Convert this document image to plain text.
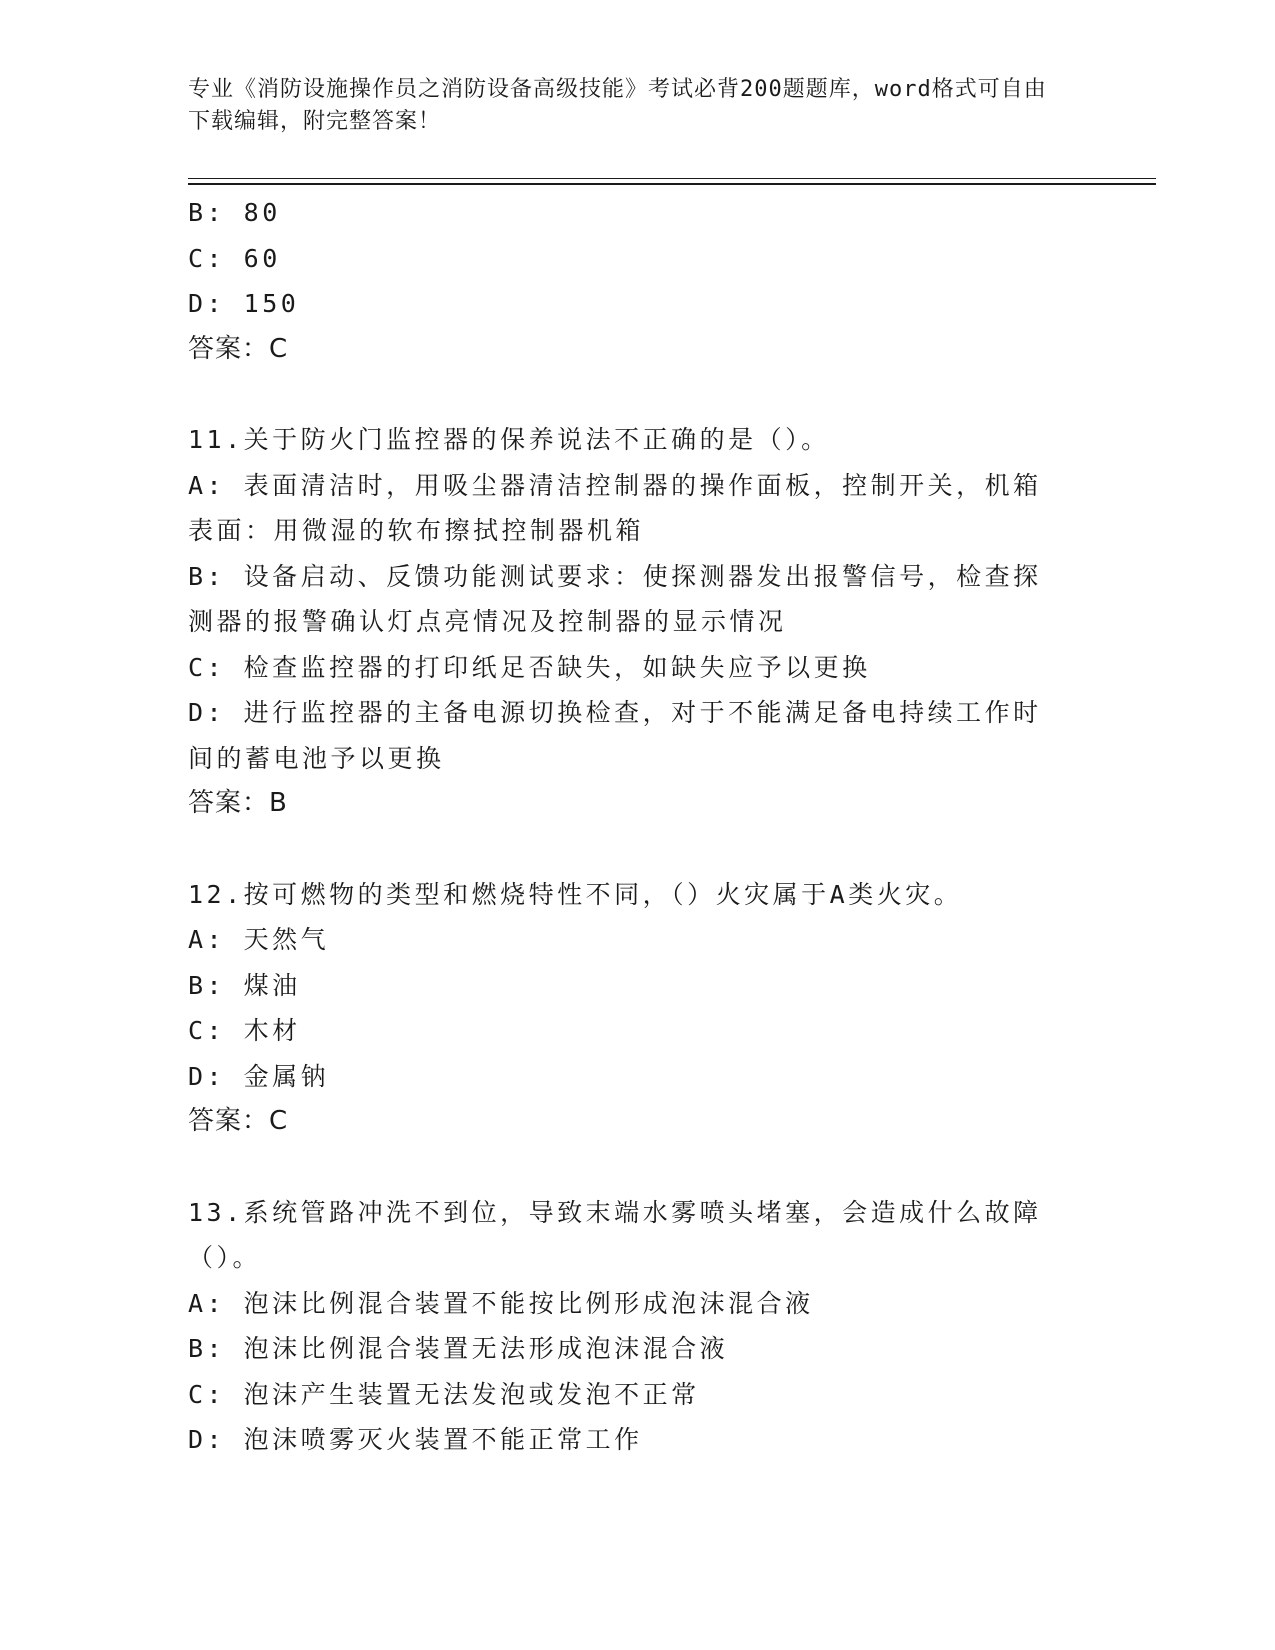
专业《消防设施操作员之消防设备高级技能》考试必背200题题库，word格式可自由下载编辑，附完整答案！
B: 80
C: 60
D: 150
答案：C
11.关于防火门监控器的保养说法不正确的是（）。
A: 表面清洁时，用吸尘器清洁控制器的操作面板，控制开关，机箱表面：用微湿的软布擦拭控制器机箱
B: 设备启动、反馈功能测试要求：使探测器发出报警信号，检查探测器的报警确认灯点亮情况及控制器的显示情况
C: 检查监控器的打印纸足否缺失，如缺失应予以更换
D: 进行监控器的主备电源切换检查，对于不能满足备电持续工作时间的蓄电池予以更换
答案：B
12.按可燃物的类型和燃烧特性不同，（）火灾属于A类火灾。
A: 天然气
B: 煤油
C: 木材
D: 金属钠
答案：C
13.系统管路冲洗不到位，导致末端水雾喷头堵塞，会造成什么故障（）。
A: 泡沫比例混合装置不能按比例形成泡沫混合液
B: 泡沫比例混合装置无法形成泡沫混合液
C: 泡沫产生装置无法发泡或发泡不正常
D: 泡沫喷雾灭火装置不能正常工作
